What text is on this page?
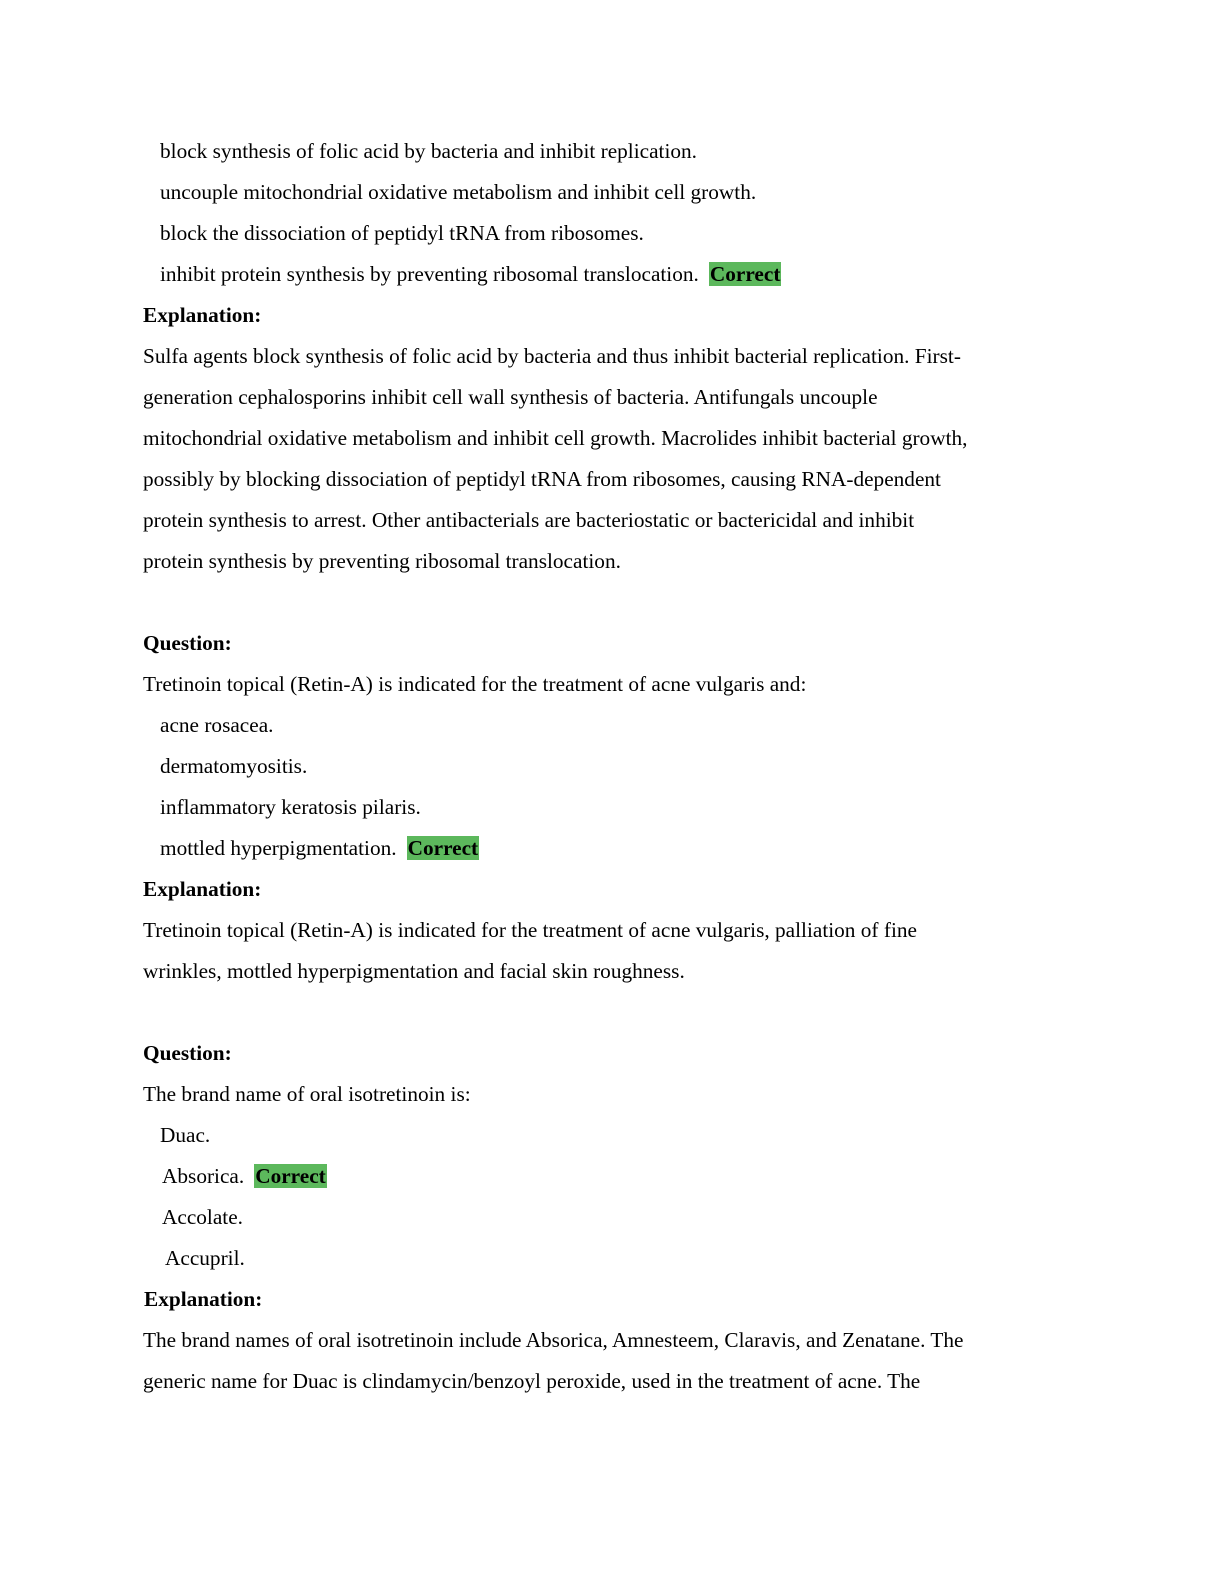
block synthesis of folic acid by bacteria and inhibit replication.
uncouple mitochondrial oxidative metabolism and inhibit cell growth.
block the dissociation of peptidyl tRNA from ribosomes.
inhibit protein synthesis by preventing ribosomal translocation. Correct
Explanation:
Sulfa agents block synthesis of folic acid by bacteria and thus inhibit bacterial replication. First-
generation cephalosporins inhibit cell wall synthesis of bacteria. Antifungals uncouple
mitochondrial oxidative metabolism and inhibit cell growth. Macrolides inhibit bacterial growth,
possibly by blocking dissociation of peptidyl tRNA from ribosomes, causing RNA-dependent
protein synthesis to arrest. Other antibacterials are bacteriostatic or bactericidal and inhibit
protein synthesis by preventing ribosomal translocation.
Question:
Tretinoin topical (Retin-A) is indicated for the treatment of acne vulgaris and:
acne rosacea.
dermatomyositis.
inflammatory keratosis pilaris.
mottled hyperpigmentation. Correct
Explanation:
Tretinoin topical (Retin-A) is indicated for the treatment of acne vulgaris, palliation of fine
wrinkles, mottled hyperpigmentation and facial skin roughness.
Question:
The brand name of oral isotretinoin is:
Duac.
Absorica. Correct
Accolate.
Accupril.
Explanation:
The brand names of oral isotretinoin include Absorica, Amnesteem, Claravis, and Zenatane. The
generic name for Duac is clindamycin/benzoyl peroxide, used in the treatment of acne. The
